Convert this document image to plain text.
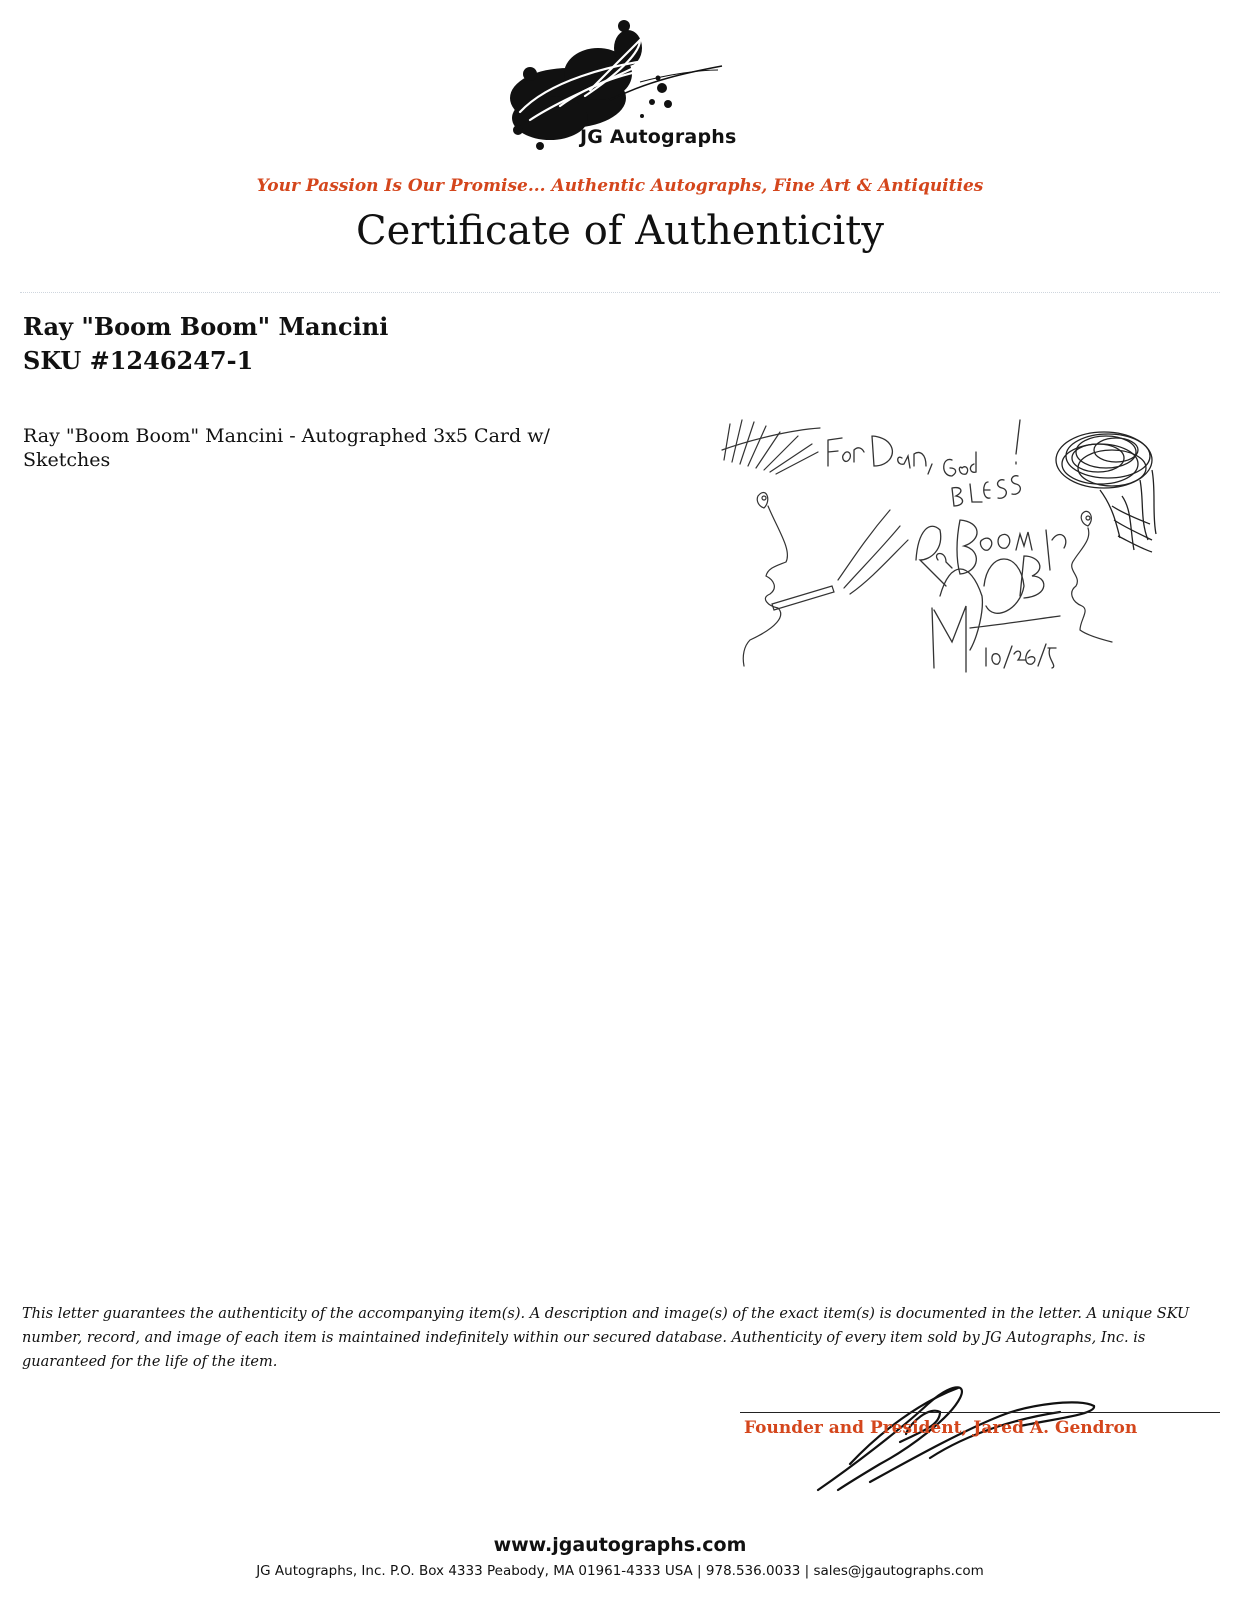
JG Autographs
Your Passion Is Our Promise... Authentic Autographs, Fine Art & Antiquities
Certificate of Authenticity
Ray "Boom Boom" Mancini
SKU #1246247-1
Ray "Boom Boom" Mancini - Autographed 3x5 Card w/ Sketches
This letter guarantees the authenticity of the accompanying item(s). A description and image(s) of the exact item(s) is documented in the letter. A unique SKU number, record, and image of each item is maintained indefinitely within our secured database. Authenticity of every item sold by JG Autographs, Inc. is guaranteed for the life of the item.
Founder and President, Jared A. Gendron
www.jgautographs.com
JG Autographs, Inc. P.O. Box 4333 Peabody, MA 01961-4333 USA | 978.536.0033 | sales@jgautographs.com
